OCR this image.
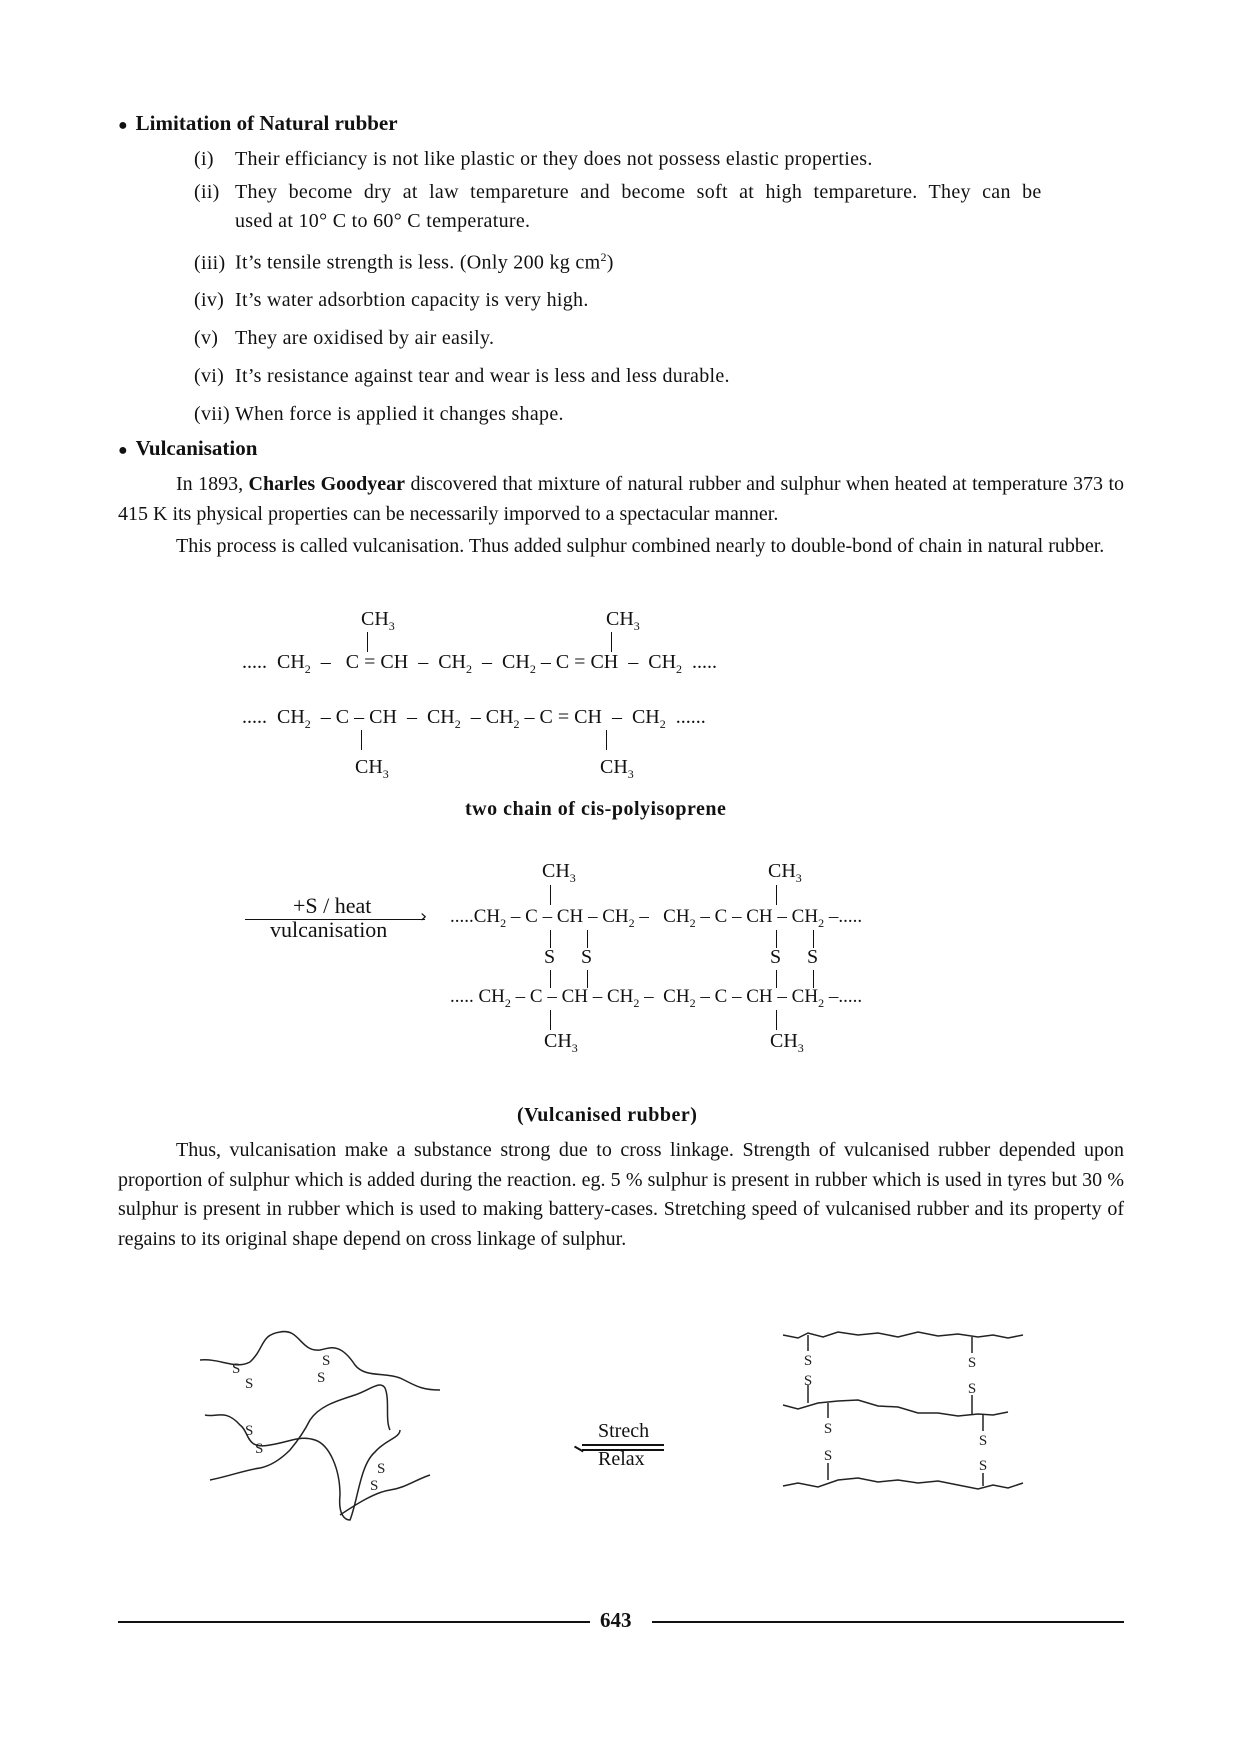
● Limitation of Natural rubber
(i) Their efficiancy is not like plastic or they does not possess elastic properties.
(ii) They become dry at law tempareture and become soft at high tempareture. They can be
used at 10° C to 60° C temperature.
(iii) It’s tensile strength is less. (Only 200 kg $cm^2$)
(iv) It’s water adsorbtion capacity is very high.
(v) They are oxidised by air easily.
(vi) It’s resistance against tear and wear is less and less durable.
(vii) When force is applied it changes shape.
● Vulcanisation
In 1893, Charles Goodyear discovered that mixture of natural rubber and sulphur when heated at temperature 373 to 415 K its physical properties can be necessarily imporved to a spectacular manner.
This process is called vulcanisation. Thus added sulphur combined nearly to double-bond of chain in natural rubber.
$CH_3$	$CH_3$
..... $CH_2$  –   C = CH  –  $CH_2 - CH_2$ – C = CH  –  $CH_2$ .....
..... $CH_2$  – C – CH  –  $CH_2 - CH_2$ – C = CH  –  $CH_2$ ......
$CH_3$	$CH_3$
two chain of cis-polyisoprene
+S / heat	›
vulcanisation
$CH_3$	$CH_3$
$.....CH_2$ – C – CH – $CH_2 - CH_2$ – C – CH – $CH_2$ –.....
S S	S S
..... $CH_2$ – C – CH – $CH_2 - CH_2$ – C – CH – $CH_2$ –.....
$CH_3$	$CH_3$
(Vulcanised rubber)
Thus, vulcanisation make a substance strong due to cross linkage. Strength of vulcanised rubber depended upon proportion of sulphur which is added during the reaction. eg. 5 % sulphur is present in rubber which is used in tyres but 30 % sulphur is present in rubber which is used to making battery-cases. Stretching speed of vulcanised rubber and its property of regains to its original shape depend on cross linkage of sulphur.
S
S
S
S
S
S
S
S
Strech
Relax
S
S
S
S
S
S
S
S
643
